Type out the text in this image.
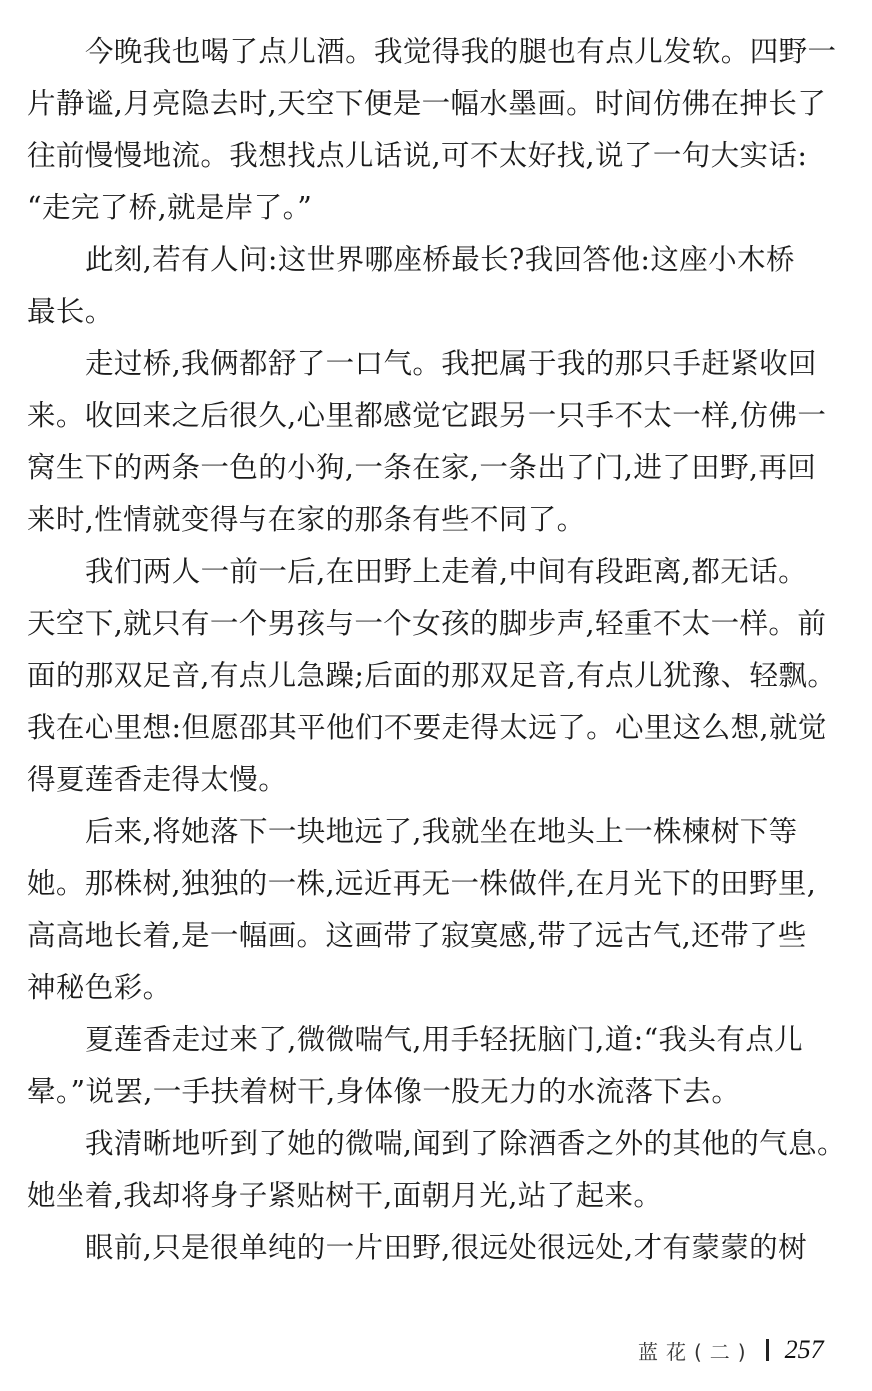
今晚我也喝了点儿酒。我觉得我的腿也有点儿发软。四野一
片静谧,月亮隐去时,天空下便是一幅水墨画。时间仿佛在抻长了
往前慢慢地流。我想找点儿话说,可不太好找,说了一句大实话:
“走完了桥,就是岸了。”
此刻,若有人问:这世界哪座桥最长?我回答他:这座小木桥
最长。
走过桥,我俩都舒了一口气。我把属于我的那只手赶紧收回
来。收回来之后很久,心里都感觉它跟另一只手不太一样,仿佛一
窝生下的两条一色的小狗,一条在家,一条出了门,进了田野,再回
来时,性情就变得与在家的那条有些不同了。
我们两人一前一后,在田野上走着,中间有段距离,都无话。
天空下,就只有一个男孩与一个女孩的脚步声,轻重不太一样。前
面的那双足音,有点儿急躁;后面的那双足音,有点儿犹豫、轻飘。
我在心里想:但愿邵其平他们不要走得太远了。心里这么想,就觉
得夏莲香走得太慢。
后来,将她落下一块地远了,我就坐在地头上一株楝树下等
她。那株树,独独的一株,远近再无一株做伴,在月光下的田野里,
高高地长着,是一幅画。这画带了寂寞感,带了远古气,还带了些
神秘色彩。
夏莲香走过来了,微微喘气,用手轻抚脑门,道:“我头有点儿
晕。”说罢,一手扶着树干,身体像一股无力的水流落下去。
我清晰地听到了她的微喘,闻到了除酒香之外的其他的气息。
她坐着,我却将身子紧贴树干,面朝月光,站了起来。
眼前,只是很单纯的一片田野,很远处很远处,才有蒙蒙的树
蓝花(二) 257
